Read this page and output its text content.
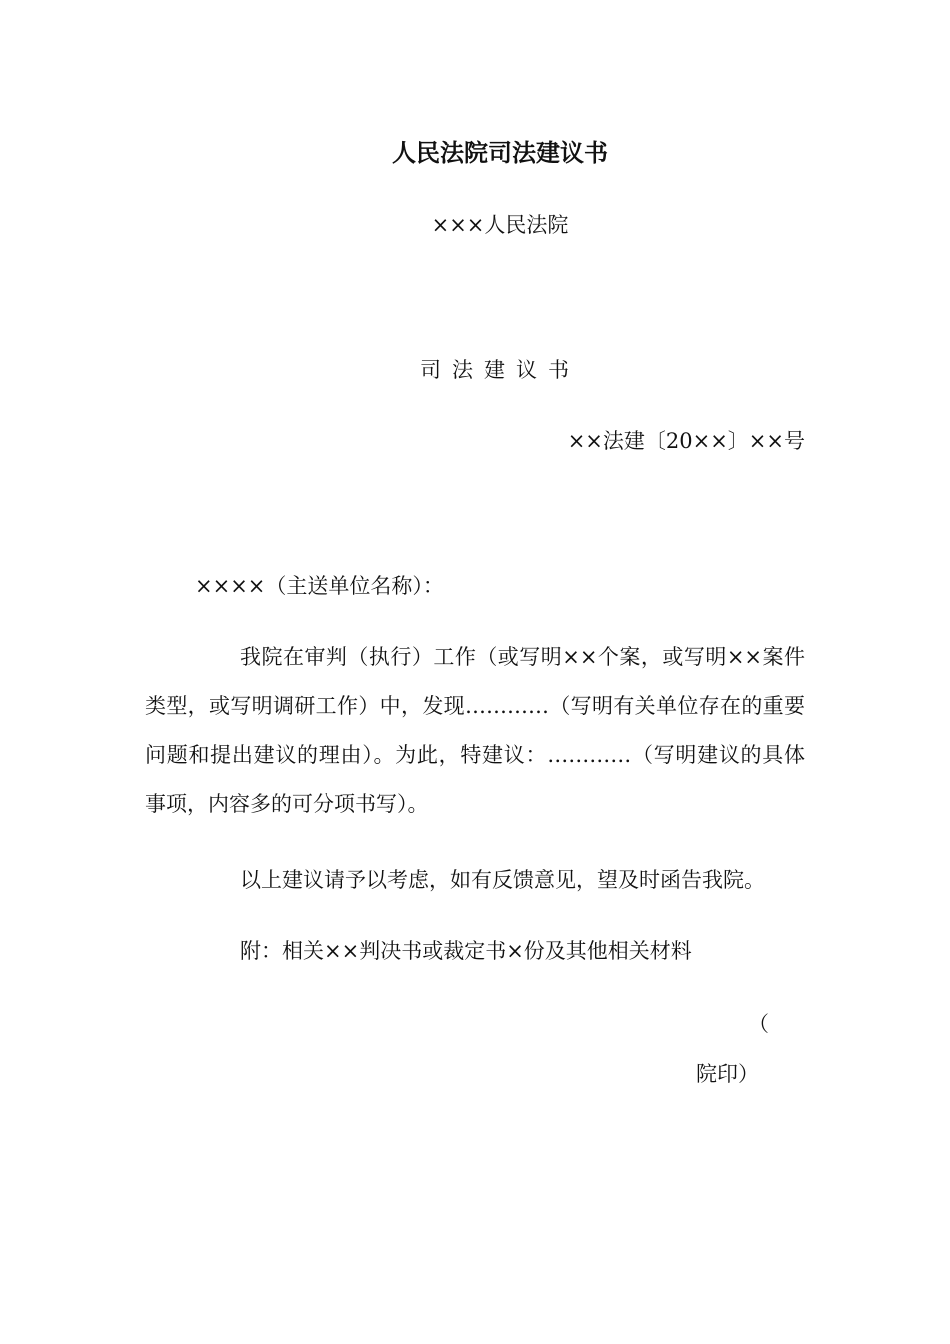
人民法院司法建议书
×××人民法院
司法建议书
××法建〔20××〕××号
××××（主送单位名称）：
我院在审判（执行）工作（或写明××个案，或写明××案件类型，或写明调研工作）中，发现…………（写明有关单位存在的重要问题和提出建议的理由）。为此，特建议：…………（写明建议的具体事项，内容多的可分项书写）。
以上建议请予以考虑，如有反馈意见，望及时函告我院。
附：相关××判决书或裁定书×份及其他相关材料
（
院印）
